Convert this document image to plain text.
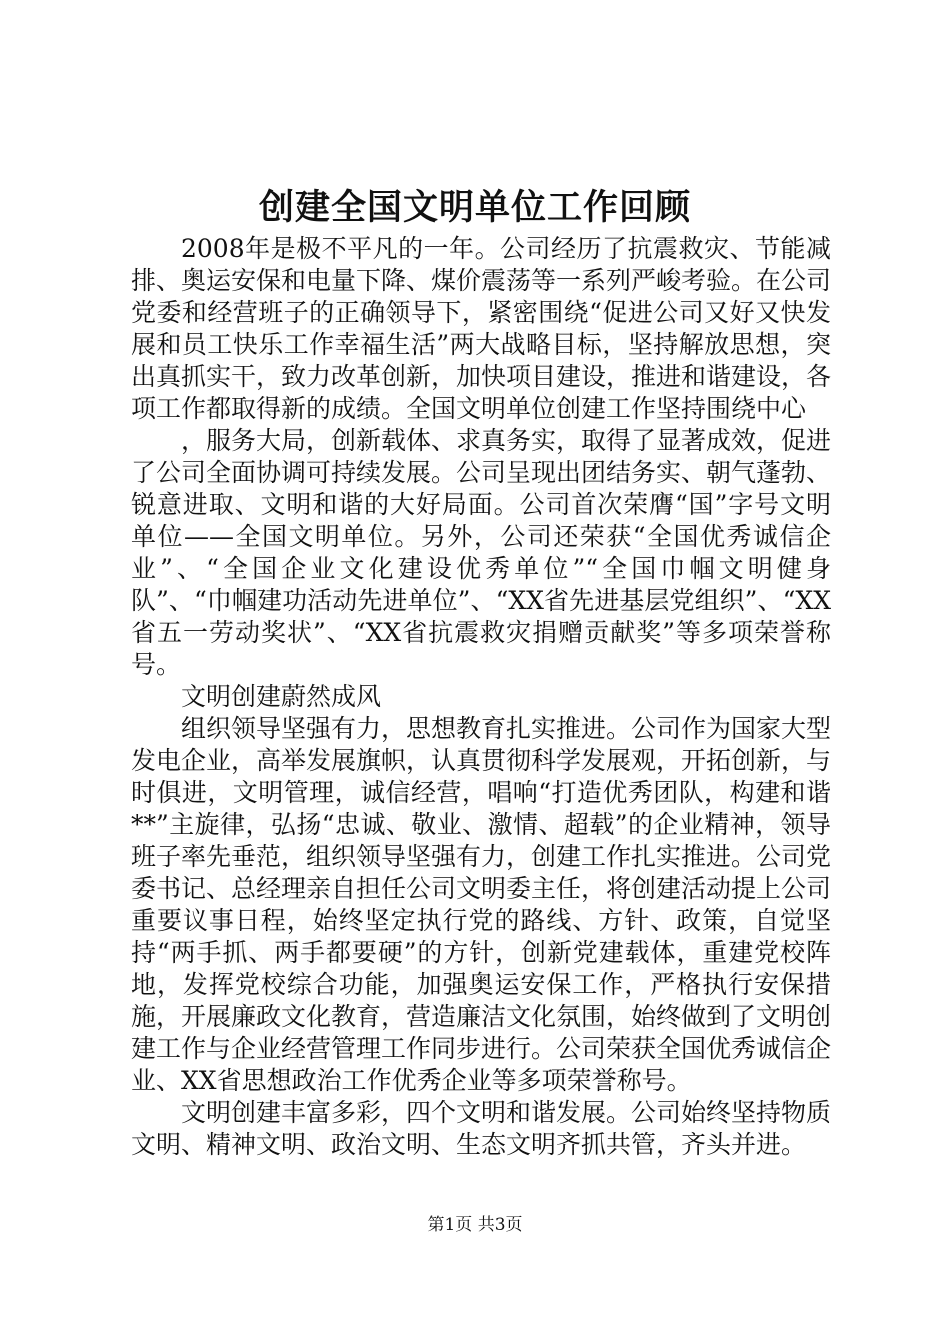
创建全国文明单位工作回顾

2008年是极不平凡的一年。公司经历了抗震救灾、节能减排、奥运安保和电量下降、煤价震荡等一系列严峻考验。在公司党委和经营班子的正确领导下，紧密围绕“促进公司又好又快发展和员工快乐工作幸福生活”两大战略目标，坚持解放思想，突出真抓实干，致力改革创新，加快项目建设，推进和谐建设，各项工作都取得新的成绩。全国文明单位创建工作坚持围绕中心

，服务大局，创新载体、求真务实，取得了显著成效，促进了公司全面协调可持续发展。公司呈现出团结务实、朝气蓬勃、锐意进取、文明和谐的大好局面。公司首次荣膺“国”字号文明单位——全国文明单位。另外，公司还荣获“全国优秀诚信企业”、“全国企业文化建设优秀单位”“全国巾帼文明健身队”、“巾帼建功活动先进单位”、“XX省先进基层党组织”、“XX省五一劳动奖状”、“XX省抗震救灾捐赠贡献奖”等多项荣誉称号。

文明创建蔚然成风

组织领导坚强有力，思想教育扎实推进。公司作为国家大型发电企业，高举发展旗帜，认真贯彻科学发展观，开拓创新，与时俱进，文明管理，诚信经营，唱响“打造优秀团队，构建和谐**”主旋律，弘扬“忠诚、敬业、激情、超载”的企业精神，领导班子率先垂范，组织领导坚强有力，创建工作扎实推进。公司党委书记、总经理亲自担任公司文明委主任，将创建活动提上公司重要议事日程，始终坚定执行党的路线、方针、政策，自觉坚持“两手抓、两手都要硬”的方针，创新党建载体，重建党校阵地，发挥党校综合功能，加强奥运安保工作，严格执行安保措施，开展廉政文化教育，营造廉洁文化氛围，始终做到了文明创建工作与企业经营管理工作同步进行。公司荣获全国优秀诚信企业、XX省思想政治工作优秀企业等多项荣誉称号。

文明创建丰富多彩，四个文明和谐发展。公司始终坚持物质文明、精神文明、政治文明、生态文明齐抓共管，齐头并进。

第1页 共3页
